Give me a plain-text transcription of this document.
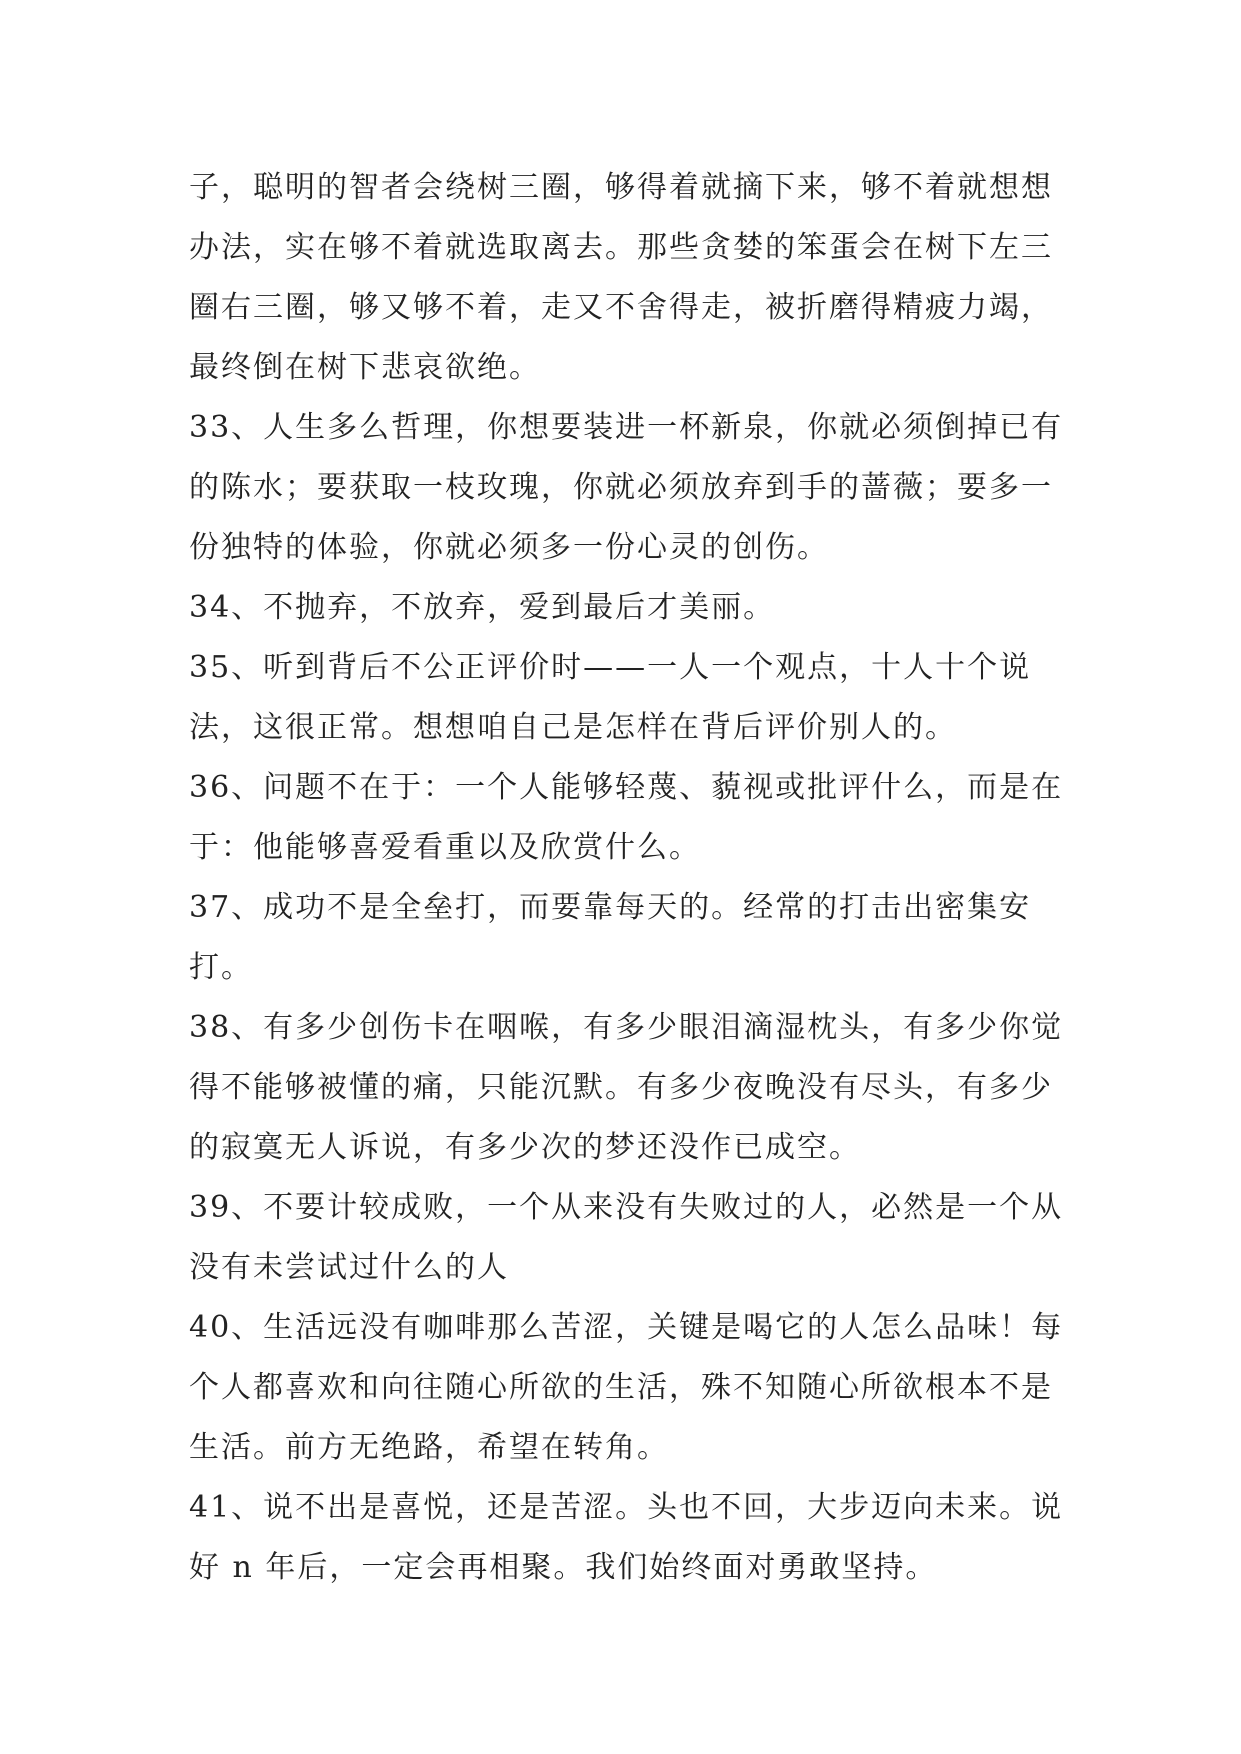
子，聪明的智者会绕树三圈，够得着就摘下来，够不着就想想办法，实在够不着就选取离去。那些贪婪的笨蛋会在树下左三圈右三圈，够又够不着，走又不舍得走，被折磨得精疲力竭，最终倒在树下悲哀欲绝。

33、人生多么哲理，你想要装进一杯新泉，你就必须倒掉已有的陈水；要获取一枝玫瑰，你就必须放弃到手的蔷薇；要多一份独特的体验，你就必须多一份心灵的创伤。

34、不抛弃，不放弃，爱到最后才美丽。

35、听到背后不公正评价时——一人一个观点，十人十个说法，这很正常。想想咱自己是怎样在背后评价别人的。

36、问题不在于：一个人能够轻蔑、藐视或批评什么，而是在于：他能够喜爱看重以及欣赏什么。

37、成功不是全垒打，而要靠每天的。经常的打击出密集安打。

38、有多少创伤卡在咽喉，有多少眼泪滴湿枕头，有多少你觉得不能够被懂的痛，只能沉默。有多少夜晚没有尽头，有多少的寂寞无人诉说，有多少次的梦还没作已成空。

39、不要计较成败，一个从来没有失败过的人，必然是一个从没有未尝试过什么的人

40、生活远没有咖啡那么苦涩，关键是喝它的人怎么品味！每个人都喜欢和向往随心所欲的生活，殊不知随心所欲根本不是生活。前方无绝路，希望在转角。

41、说不出是喜悦，还是苦涩。头也不回，大步迈向未来。说好 n 年后，一定会再相聚。我们始终面对勇敢坚持。
